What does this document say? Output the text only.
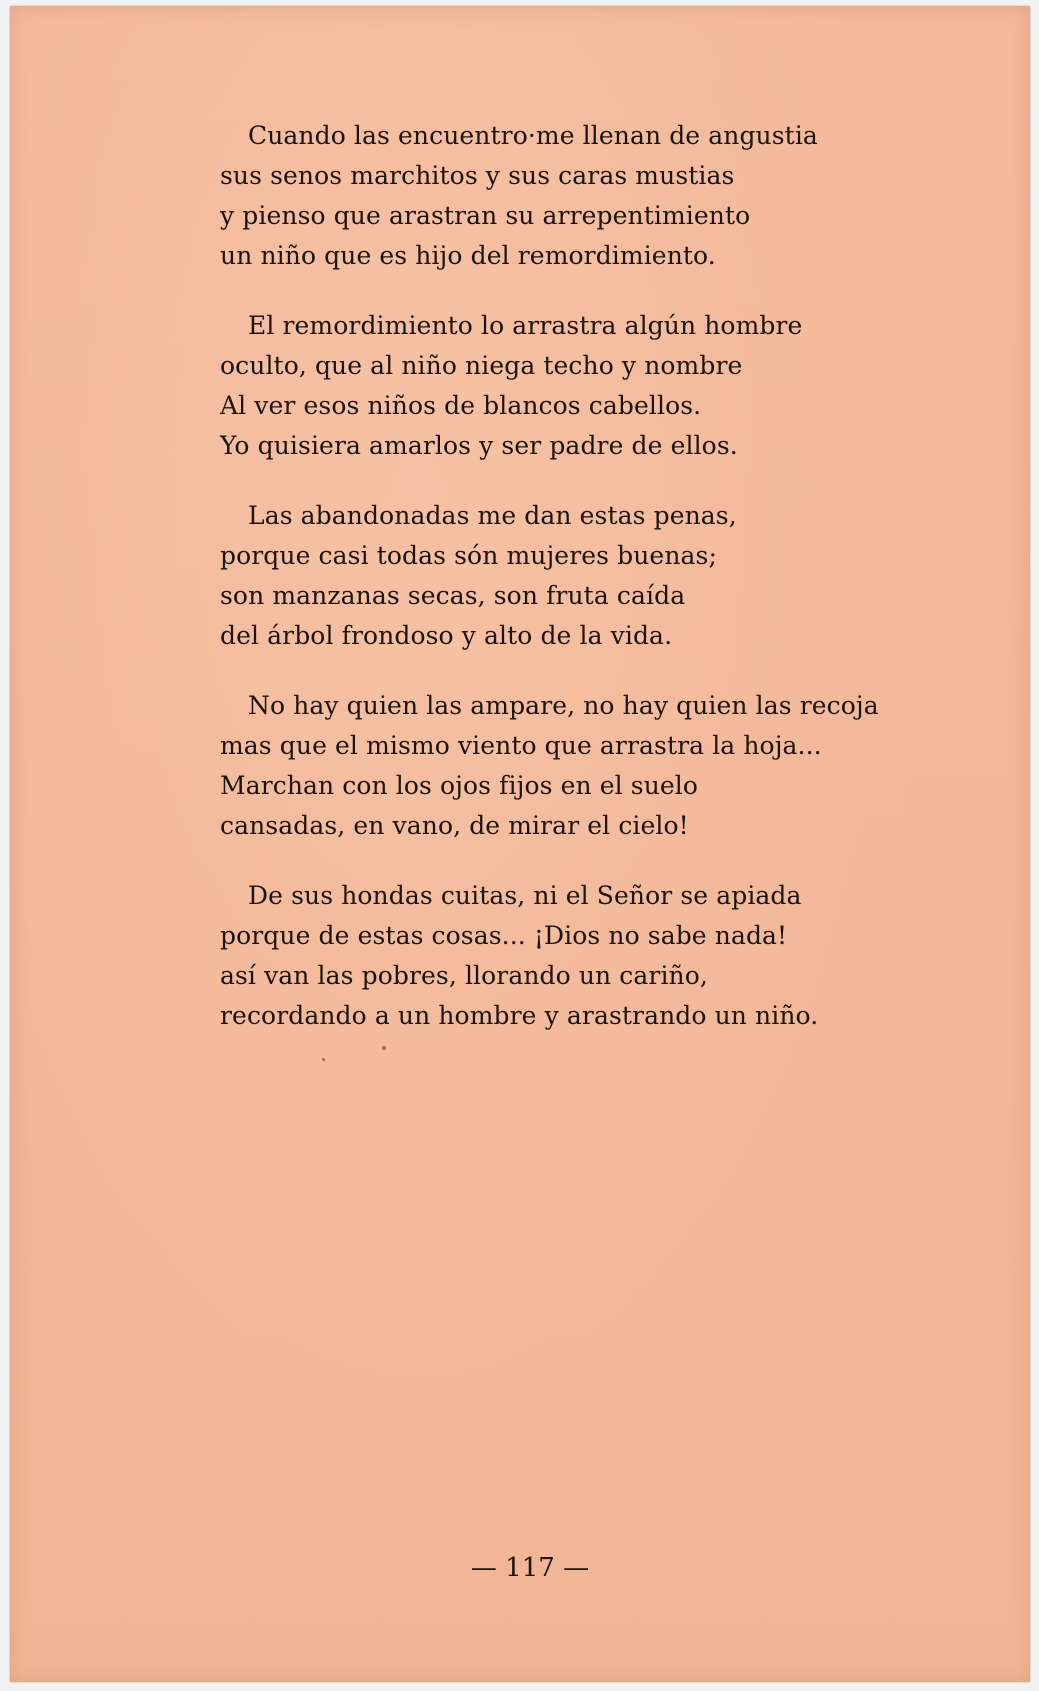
Cuando las encuentro·me llenan de angustia
sus senos marchitos y sus caras mustias
y pienso que arastran su arrepentimiento
un niño que es hijo del remordimiento.
El remordimiento lo arrastra algún hombre
oculto, que al niño niega techo y nombre
Al ver esos niños de blancos cabellos.
Yo quisiera amarlos y ser padre de ellos.
Las abandonadas me dan estas penas,
porque casi todas són mujeres buenas;
son manzanas secas, son fruta caída
del árbol frondoso y alto de la vida.
No hay quien las ampare, no hay quien las recoja
mas que el mismo viento que arrastra la hoja...
Marchan con los ojos fijos en el suelo
cansadas, en vano, de mirar el cielo!
De sus hondas cuitas, ni el Señor se apiada
porque de estas cosas... ¡Dios no sabe nada!
así van las pobres, llorando un cariño,
recordando a un hombre y arastrando un niño.
— 117 —
